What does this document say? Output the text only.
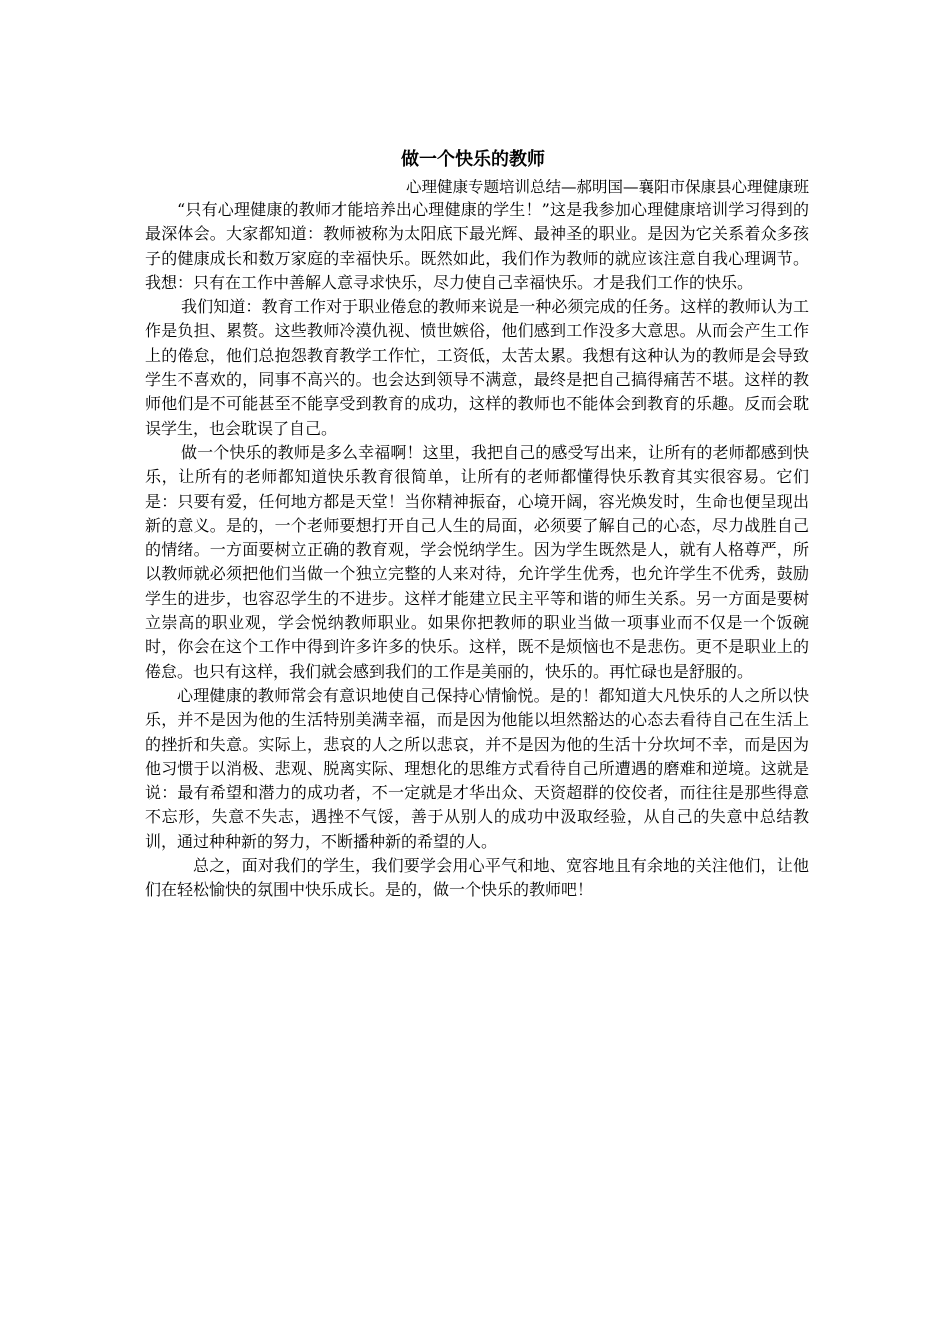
做一个快乐的教师

心理健康专题培训总结—郝明国—襄阳市保康县心理健康班

“只有心理健康的教师才能培养出心理健康的学生！”这是我参加心理健康培训学习得到的最深体会。大家都知道：教师被称为太阳底下最光辉、最神圣的职业。是因为它关系着众多孩子的健康成长和数万家庭的幸福快乐。既然如此，我们作为教师的就应该注意自我心理调节。我想：只有在工作中善解人意寻求快乐，尽力使自己幸福快乐。才是我们工作的快乐。

我们知道：教育工作对于职业倦怠的教师来说是一种必须完成的任务。这样的教师认为工作是负担、累赘。这些教师冷漠仇视、愤世嫉俗，他们感到工作没多大意思。从而会产生工作上的倦怠，他们总抱怨教育教学工作忙，工资低，太苦太累。我想有这种认为的教师是会导致学生不喜欢的，同事不高兴的。也会达到领导不满意，最终是把自己搞得痛苦不堪。这样的教师他们是不可能甚至不能享受到教育的成功，这样的教师也不能体会到教育的乐趣。反而会耽误学生，也会耽误了自己。

做一个快乐的教师是多么幸福啊！这里，我把自己的感受写出来，让所有的老师都感到快乐，让所有的老师都知道快乐教育很简单，让所有的老师都懂得快乐教育其实很容易。它们是：只要有爱，任何地方都是天堂！当你精神振奋，心境开阔，容光焕发时，生命也便呈现出新的意义。是的，一个老师要想打开自己人生的局面，必须要了解自己的心态，尽力战胜自己的情绪。一方面要树立正确的教育观，学会悦纳学生。因为学生既然是人，就有人格尊严，所以教师就必须把他们当做一个独立完整的人来对待，允许学生优秀，也允许学生不优秀，鼓励学生的进步，也容忍学生的不进步。这样才能建立民主平等和谐的师生关系。另一方面是要树立崇高的职业观，学会悦纳教师职业。如果你把教师的职业当做一项事业而不仅是一个饭碗时，你会在这个工作中得到许多许多的快乐。这样，既不是烦恼也不是悲伤。更不是职业上的倦怠。也只有这样，我们就会感到我们的工作是美丽的，快乐的。再忙碌也是舒服的。

心理健康的教师常会有意识地使自己保持心情愉悦。是的！都知道大凡快乐的人之所以快乐，并不是因为他的生活特别美满幸福，而是因为他能以坦然豁达的心态去看待自己在生活上的挫折和失意。实际上，悲哀的人之所以悲哀，并不是因为他的生活十分坎坷不幸，而是因为他习惯于以消极、悲观、脱离实际、理想化的思维方式看待自己所遭遇的磨难和逆境。这就是说：最有希望和潜力的成功者，不一定就是才华出众、天资超群的佼佼者，而往往是那些得意不忘形，失意不失志，遇挫不气馁，善于从别人的成功中汲取经验，从自己的失意中总结教训，通过种种新的努力，不断播种新的希望的人。

总之，面对我们的学生，我们要学会用心平气和地、宽容地且有余地的关注他们，让他们在轻松愉快的氛围中快乐成长。是的，做一个快乐的教师吧！
